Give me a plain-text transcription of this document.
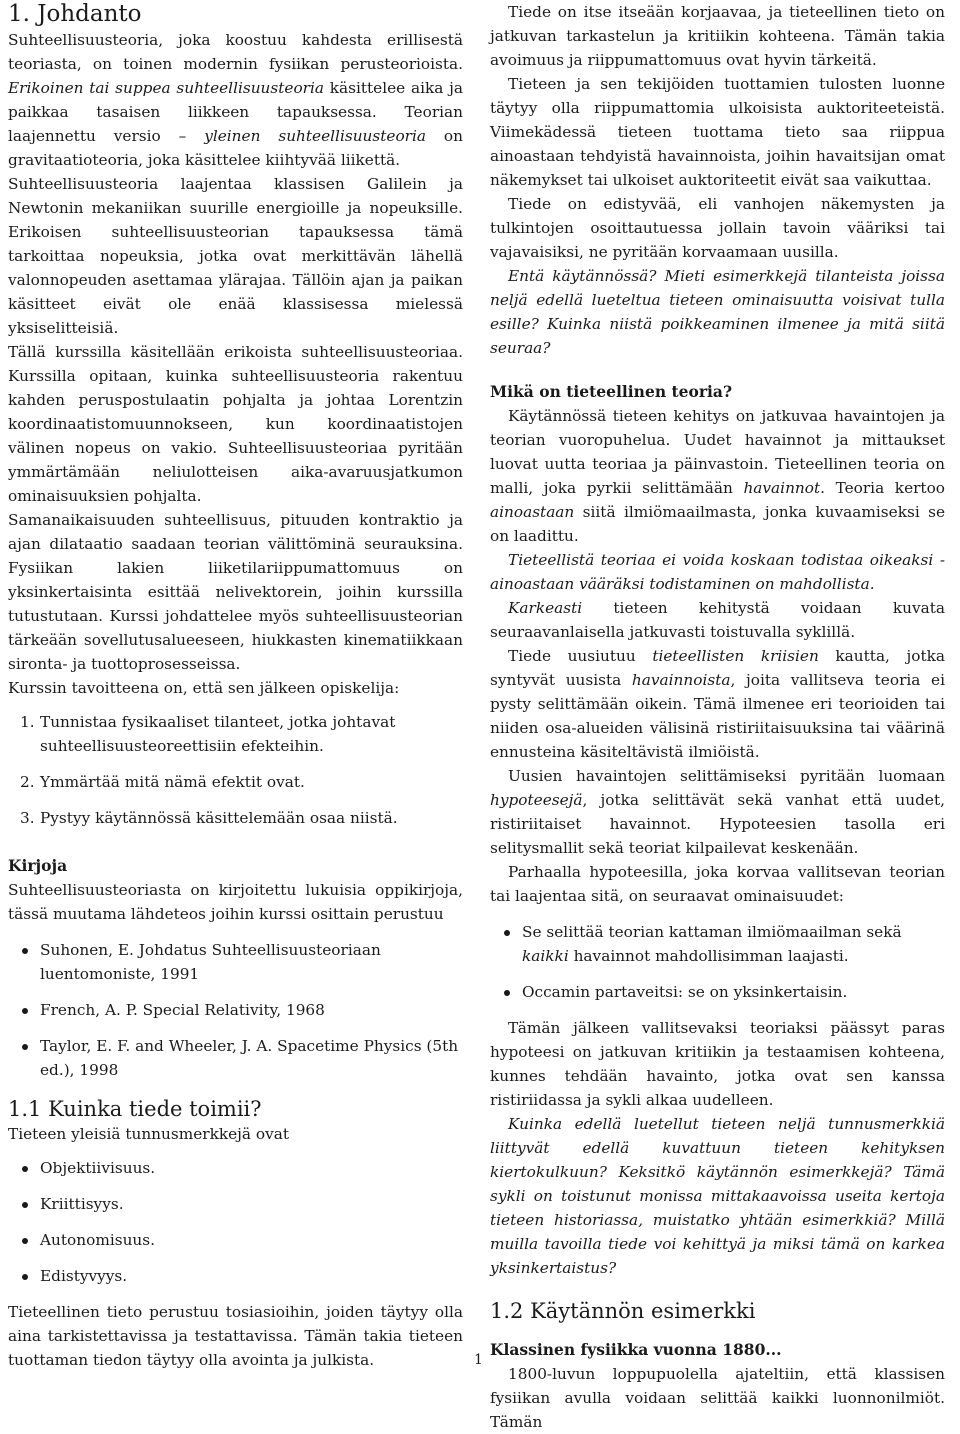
1. Johdanto

Suhteellisuusteoria, joka koostuu kahdesta erillisestä teoriasta, on toinen modernin fysiikan perusteorioista. Erikoinen tai suppea suhteellisuusteoria käsittelee aika ja paikkaa tasaisen liikkeen tapauksessa. Teorian laajennettu versio – yleinen suhteellisuusteoria on gravitaatioteoria, joka käsittelee kiihtyvää liikettä.

Suhteellisuusteoria laajentaa klassisen Galilein ja Newtonin mekaniikan suurille energioille ja nopeuksille. Erikoisen suhteellisuusteorian tapauksessa tämä tarkoittaa nopeuksia, jotka ovat merkittävän lähellä valonnopeuden asettamaa ylärajaa. Tällöin ajan ja paikan käsitteet eivät ole enää klassisessa mielessä yksiselitteisiä.

Tällä kurssilla käsitellään erikoista suhteellisuusteoriaa. Kurssilla opitaan, kuinka suhteellisuusteoria rakentuu kahden peruspostulaatin pohjalta ja johtaa Lorentzin koordinaatistomuunnokseen, kun koordinaatistojen välinen nopeus on vakio. Suhteellisuusteoriaa pyritään ymmärtämään neliulotteisen aika-avaruusjatkumon ominaisuuksien pohjalta.

Samanaikaisuuden suhteellisuus, pituuden kontraktio ja ajan dilataatio saadaan teorian välittöminä seurauksina. Fysiikan lakien liiketilariippumattomuus on yksinkertaisinta esittää nelivektorein, joihin kurssilla tutustutaan. Kurssi johdattelee myös suhteellisuusteorian tärkeään sovellutusalueeseen, hiukkasten kinematiikkaan sironta- ja tuottoprosesseissa.

Kurssin tavoitteena on, että sen jälkeen opiskelija:

1. Tunnistaa fysikaaliset tilanteet, jotka johtavat suhteellisuusteoreettisiin efekteihin.
2. Ymmärtää mitä nämä efektit ovat.
3. Pystyy käytännössä käsittelemään osaa niistä.
Kirjoja

Suhteellisuusteoriasta on kirjoitettu lukuisia oppikirjoja, tässä muutama lähdeteos joihin kurssi osittain perustuu

Suhonen, E. Johdatus Suhteellisuusteoriaan luentomoniste, 1991
French, A. P. Special Relativity, 1968
Taylor, E. F. and Wheeler, J. A. Spacetime Physics (5th ed.), 1998
1.1 Kuinka tiede toimii?

Tieteen yleisiä tunnusmerkkejä ovat

Objektiivisuus.
Kriittisyys.
Autonomisuus.
Edistyvyys.

Tieteellinen tieto perustuu tosiasioihin, joiden täytyy olla aina tarkistettavissa ja testattavissa. Tämän takia tieteen tuottaman tiedon täytyy olla avointa ja julkista.

Tiede on itse itseään korjaavaa, ja tieteellinen tieto on jatkuvan tarkastelun ja kritiikin kohteena. Tämän takia avoimuus ja riippumattomuus ovat hyvin tärkeitä.

Tieteen ja sen tekijöiden tuottamien tulosten luonne täytyy olla riippumattomia ulkoisista auktoriteeteistä. Viimekädessä tieteen tuottama tieto saa riippua ainoastaan tehdyistä havainnoista, joihin havaitsijan omat näkemykset tai ulkoiset auktoriteetit eivät saa vaikuttaa.

Tiede on edistyvää, eli vanhojen näkemysten ja tulkintojen osoittautuessa jollain tavoin vääriksi tai vajavaisiksi, ne pyritään korvaamaan uusilla.

Entä käytännössä? Mieti esimerkkejä tilanteista joissa neljä edellä lueteltua tieteen ominaisuutta voisivat tulla esille? Kuinka niistä poikkeaminen ilmenee ja mitä siitä seuraa?

Mikä on tieteellinen teoria?

Käytännössä tieteen kehitys on jatkuvaa havaintojen ja teorian vuoropuhelua. Uudet havainnot ja mittaukset luovat uutta teoriaa ja päinvastoin. Tieteellinen teoria on malli, joka pyrkii selittämään havainnot. Teoria kertoo ainoastaan siitä ilmiömaailmasta, jonka kuvaamiseksi se on laadittu.

Tieteellistä teoriaa ei voida koskaan todistaa oikeaksi - ainoastaan vääräksi todistaminen on mahdollista.

Karkeasti tieteen kehitystä voidaan kuvata seuraavanlaisella jatkuvasti toistuvalla syklillä.

Tiede uusiutuu tieteellisten kriisien kautta, jotka syntyvät uusista havainnoista, joita vallitseva teoria ei pysty selittämään oikein. Tämä ilmenee eri teorioiden tai niiden osa-alueiden välisinä ristiriitaisuuksina tai väärinä ennusteina käsiteltävistä ilmiöistä.

Uusien havaintojen selittämiseksi pyritään luomaan hypoteesejä, jotka selittävät sekä vanhat että uudet, ristiriitaiset havainnot. Hypoteesien tasolla eri selitysmallit sekä teoriat kilpailevat keskenään.

Parhaalla hypoteesilla, joka korvaa vallitsevan teorian tai laajentaa sitä, on seuraavat ominaisuudet:

Se selittää teorian kattaman ilmiömaailman sekä kaikki havainnot mahdollisimman laajasti.
Occamin partaveitsi: se on yksinkertaisin.

Tämän jälkeen vallitsevaksi teoriaksi päässyt paras hypoteesi on jatkuvan kritiikin ja testaamisen kohteena, kunnes tehdään havainto, jotka ovat sen kanssa ristiriidassa ja sykli alkaa uudelleen.

Kuinka edellä luetellut tieteen neljä tunnusmerkkiä liittyvät edellä kuvattuun tieteen kehityksen kiertokulkuun? Keksitkö käytännön esimerkkejä? Tämä sykli on toistunut monissa mittakaavoissa useita kertoja tieteen historiassa, muistatko yhtään esimerkkiä? Millä muilla tavoilla tiede voi kehittyä ja miksi tämä on karkea yksinkertaistus?

1.2 Käytännön esimerkki
Klassinen fysiikka vuonna 1880...

1800-luvun loppupuolella ajateltiin, että klassisen fysiikan avulla voidaan selittää kaikki luonnonilmiöt. Tämän

1
